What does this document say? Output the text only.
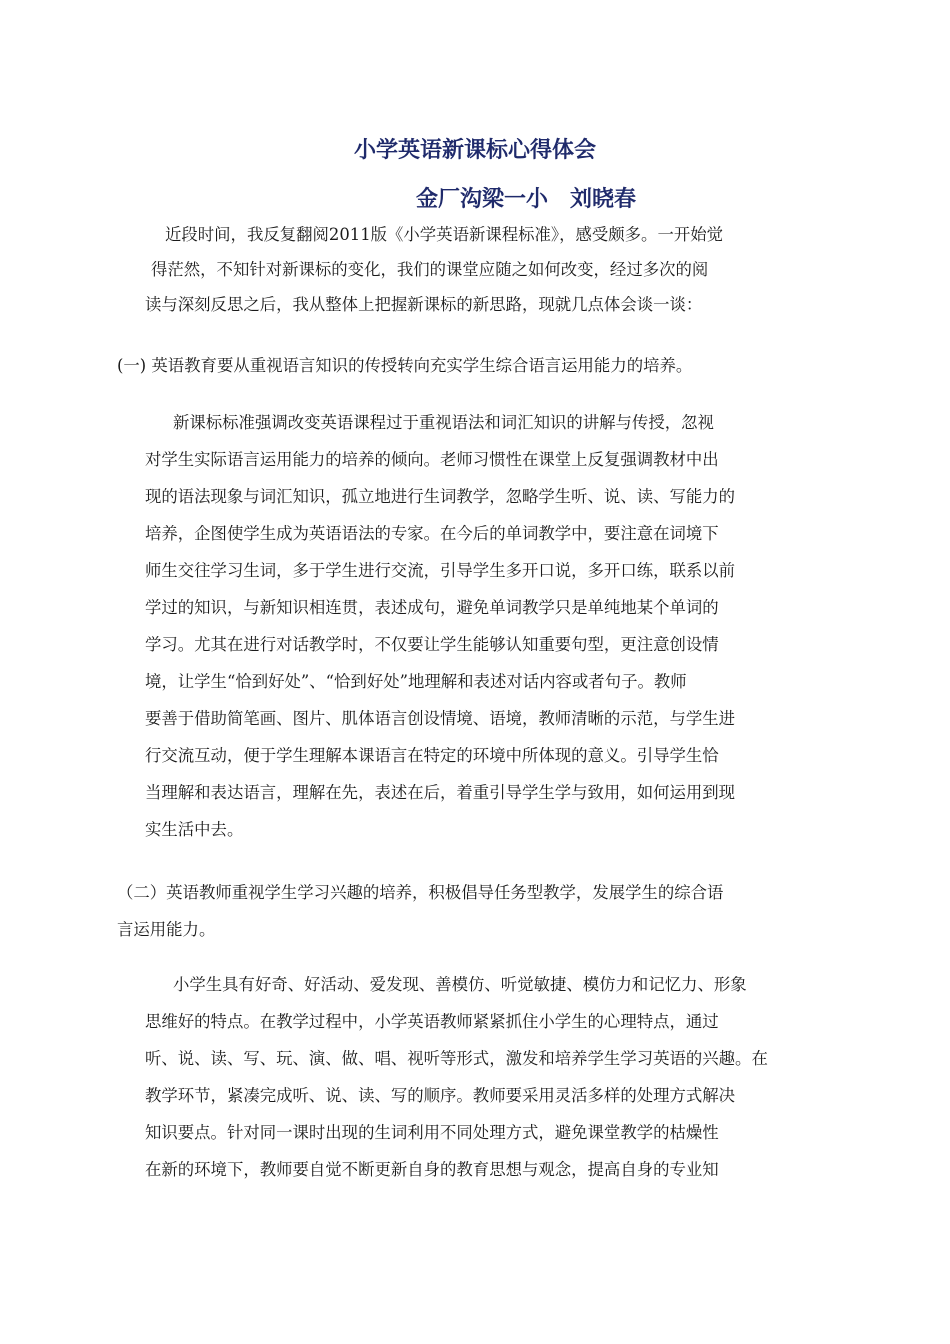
小学英语新课标心得体会
金厂沟梁一小 刘晓春
近段时间，我反复翻阅2011版《小学英语新课程标准》，感受颇多。一开始觉
得茫然，不知针对新课标的变化，我们的课堂应随之如何改变，经过多次的阅
读与深刻反思之后，我从整体上把握新课标的新思路，现就几点体会谈一谈：
(一) 英语教育要从重视语言知识的传授转向充实学生综合语言运用能力的培养。
新课标标准强调改变英语课程过于重视语法和词汇知识的讲解与传授，忽视
对学生实际语言运用能力的培养的倾向。老师习惯性在课堂上反复强调教材中出
现的语法现象与词汇知识，孤立地进行生词教学，忽略学生听、说、读、写能力的
培养，企图使学生成为英语语法的专家。在今后的单词教学中，要注意在词境下
师生交往学习生词，多于学生进行交流，引导学生多开口说，多开口练，联系以前
学过的知识，与新知识相连贯，表述成句，避免单词教学只是单纯地某个单词的
学习。尤其在进行对话教学时，不仅要让学生能够认知重要句型，更注意创设情
境，让学生“恰到好处”、“恰到好处”地理解和表述对话内容或者句子。教师
要善于借助简笔画、图片、肌体语言创设情境、语境，教师清晰的示范，与学生进
行交流互动，便于学生理解本课语言在特定的环境中所体现的意义。引导学生恰
当理解和表达语言，理解在先，表述在后，着重引导学生学与致用，如何运用到现
实生活中去。
（二）英语教师重视学生学习兴趣的培养，积极倡导任务型教学，发展学生的综合语
言运用能力。
小学生具有好奇、好活动、爱发现、善模仿、听觉敏捷、模仿力和记忆力、形象
思维好的特点。在教学过程中，小学英语教师紧紧抓住小学生的心理特点，通过
听、说、读、写、玩、演、做、唱、视听等形式，激发和培养学生学习英语的兴趣。在
教学环节，紧凑完成听、说、读、写的顺序。教师要采用灵活多样的处理方式解决
知识要点。针对同一课时出现的生词利用不同处理方式，避免课堂教学的枯燥性
在新的环境下，教师要自觉不断更新自身的教育思想与观念，提高自身的专业知
